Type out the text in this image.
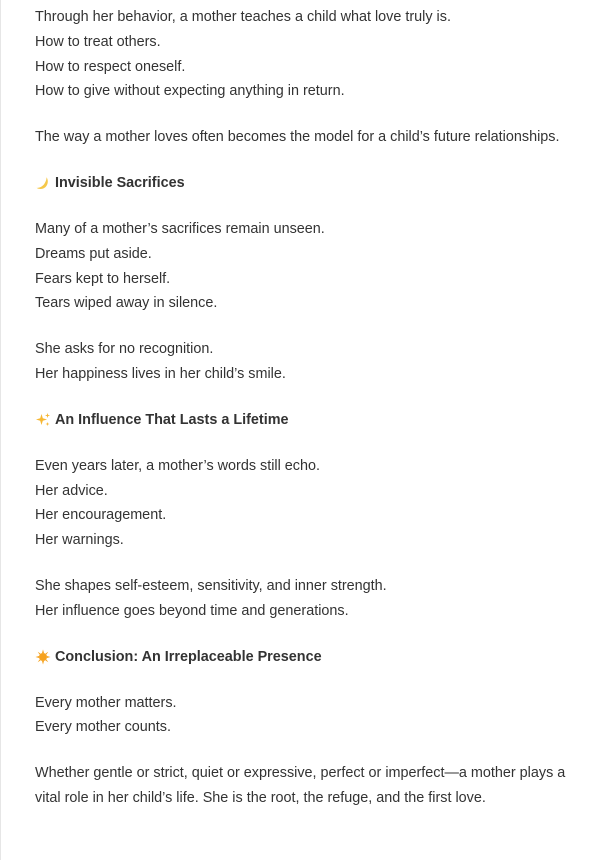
Through her behavior, a mother teaches a child what love truly is.
How to treat others.
How to respect oneself.
How to give without expecting anything in return.

The way a mother loves often becomes the model for a child’s future relationships.

Invisible Sacrifices

Many of a mother’s sacrifices remain unseen.
Dreams put aside.
Fears kept to herself.
Tears wiped away in silence.

She asks for no recognition.
Her happiness lives in her child’s smile.

An Influence That Lasts a Lifetime

Even years later, a mother’s words still echo.
Her advice.
Her encouragement.
Her warnings.

She shapes self-esteem, sensitivity, and inner strength.
Her influence goes beyond time and generations.

Conclusion: An Irreplaceable Presence

Every mother matters.
Every mother counts.

Whether gentle or strict, quiet or expressive, perfect or imperfect—a mother plays a vital role in her child’s life. She is the root, the refuge, and the first love.
